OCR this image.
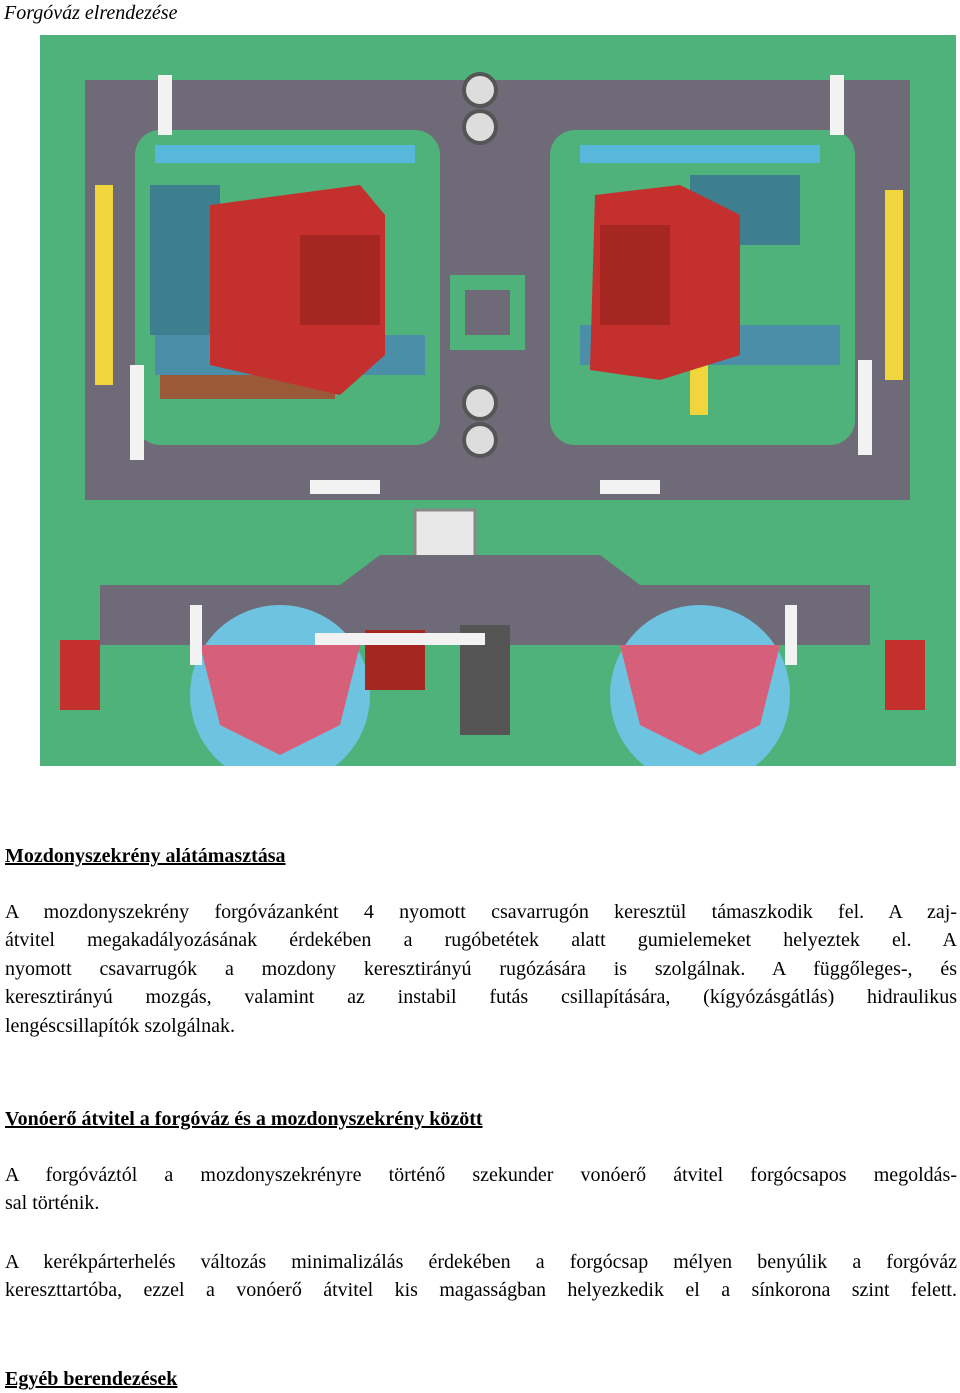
Forgóváz elrendezése
Mozdonyszekrény alátámasztása
A mozdonyszekrény forgóvázanként 4 nyomott csavarrugón keresztül támaszkodik fel. A zaj-
átvitel megakadályozásának érdekében a rugóbetétek alatt gumielemeket helyeztek el. A
nyomott csavarrugók a mozdony keresztirányú rugózására is szolgálnak. A függőleges-, és
keresztirányú mozgás, valamint az instabil futás csillapítására, (kígyózásgátlás) hidraulikus
lengéscsillapítók szolgálnak.
Vonóerő átvitel a forgóváz és a mozdonyszekrény között
A forgóváztól a mozdonyszekrényre történő szekunder vonóerő átvitel forgócsapos megoldás-
sal történik.
A kerékpárterhelés változás minimalizálás érdekében a forgócsap mélyen benyúlik a forgóváz
kereszttartóba, ezzel a vonóerő átvitel kis magasságban helyezkedik el a sínkorona szint felett.
Egyéb berendezések
